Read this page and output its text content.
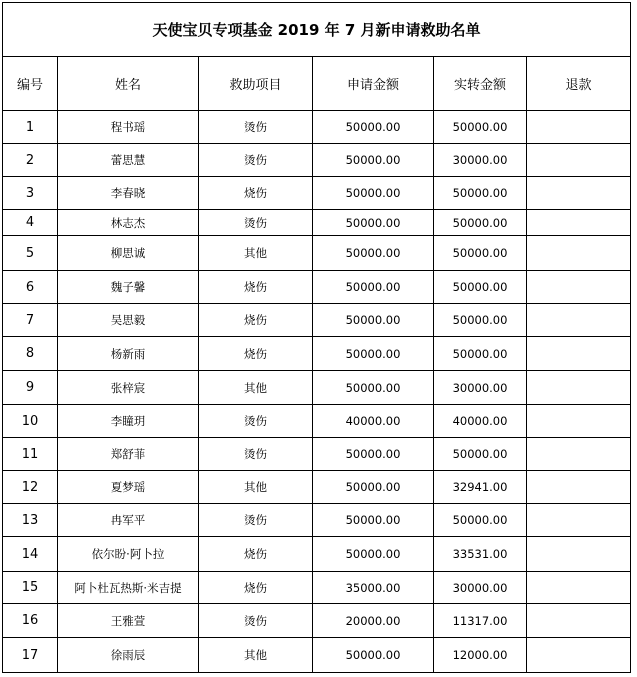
天使宝贝专项基金 2019 年 7 月新申请救助名单					
编号	姓名	救助项目	申请金额	实转金额	退款
1	程书瑶	烫伤	50000.00	50000.00	
2	蕾思慧	烫伤	50000.00	30000.00	
3	李春晓	烧伤	50000.00	50000.00	
4	林志杰	烫伤	50000.00	50000.00	
5	柳思诚	其他	50000.00	50000.00	
6	魏子馨	烧伤	50000.00	50000.00	
7	吴思毅	烧伤	50000.00	50000.00	
8	杨新雨	烧伤	50000.00	50000.00	
9	张梓宸	其他	50000.00	30000.00	
10	李瞳玥	烫伤	40000.00	40000.00	
11	郑舒菲	烫伤	50000.00	50000.00	
12	夏梦瑶	其他	50000.00	32941.00	
13	冉军平	烫伤	50000.00	50000.00	
14	依尔盼·阿卜拉	烧伤	50000.00	33531.00	
15	阿卜杜瓦热斯·米吉提	烧伤	35000.00	30000.00	
16	王雅萱	烫伤	20000.00	11317.00	
17	徐雨辰	其他	50000.00	12000.00	
